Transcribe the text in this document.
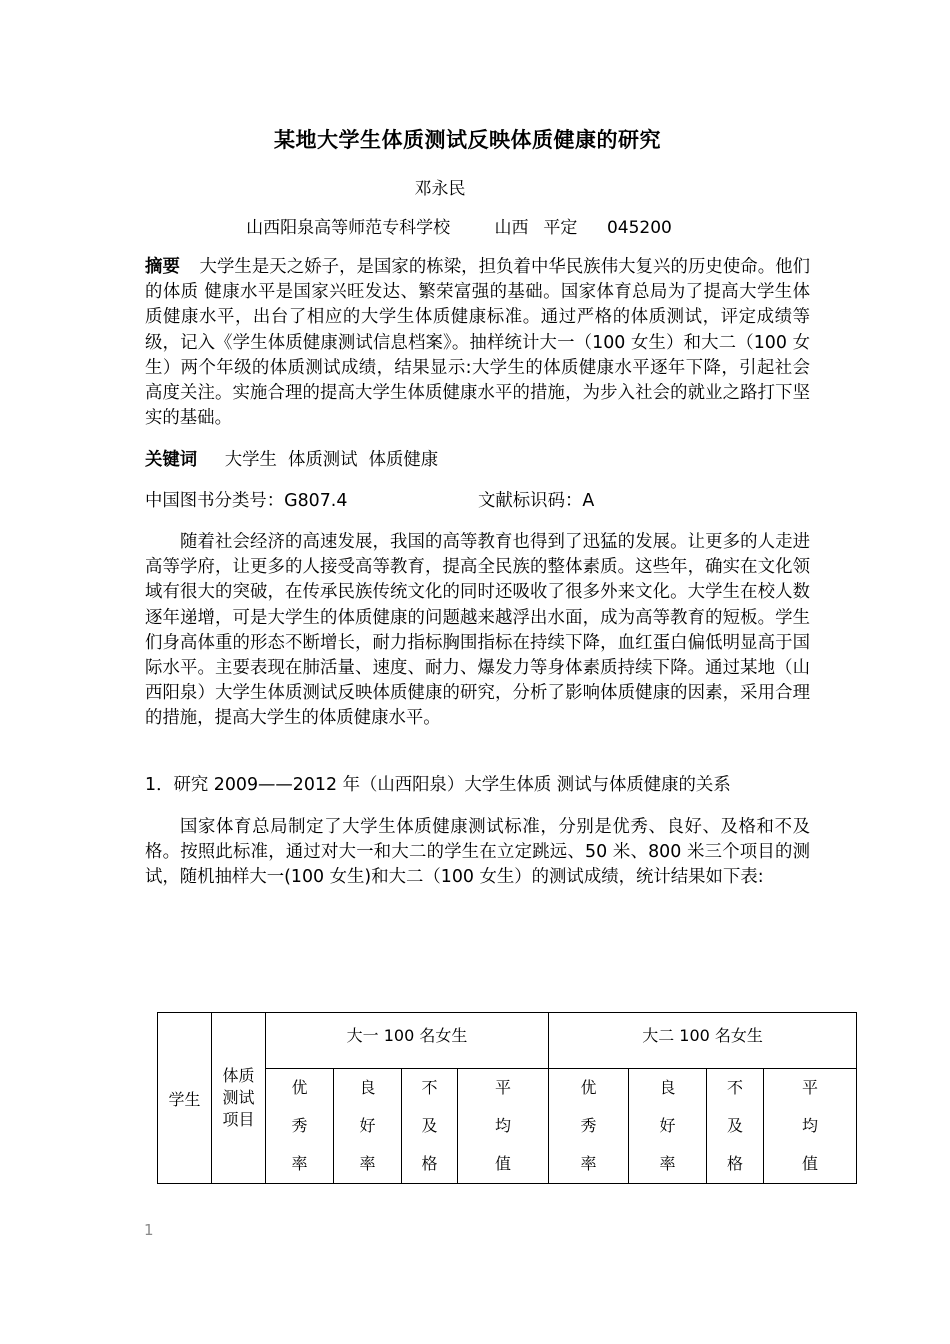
某地大学生体质测试反映体质健康的研究
邓永民
山西阳泉高等师范专科学校      山西  平定    045200
摘要 大学生是天之娇子，是国家的栋梁，担负着中华民族伟大复兴的历史使命。他们的体质 健康水平是国家兴旺发达、繁荣富强的基础。国家体育总局为了提高大学生体质健康水平，出台了相应的大学生体质健康标准。通过严格的体质测试，评定成绩等级，记入《学生体质健康测试信息档案》。抽样统计大一（100 女生）和大二（100 女生）两个年级的体质测试成绩，结果显示:大学生的体质健康水平逐年下降，引起社会高度关注。实施合理的提高大学生体质健康水平的措施，为步入社会的就业之路打下坚实的基础。
关键词 大学生  体质测试  体质健康
中国图书分类号：G807.4	文献标识码：A
随着社会经济的高速发展，我国的高等教育也得到了迅猛的发展。让更多的人走进高等学府，让更多的人接受高等教育，提高全民族的整体素质。这些年，确实在文化领域有很大的突破，在传承民族传统文化的同时还吸收了很多外来文化。大学生在校人数逐年递增，可是大学生的体质健康的问题越来越浮出水面，成为高等教育的短板。学生们身高体重的形态不断增长，耐力指标胸围指标在持续下降，血红蛋白偏低明显高于国际水平。主要表现在肺活量、速度、耐力、爆发力等身体素质持续下降。通过某地（山西阳泉）大学生体质测试反映体质健康的研究，分析了影响体质健康的因素，采用合理的措施，提高大学生的体质健康水平。
1．研究 2009——2012 年（山西阳泉）大学生体质 测试与体质健康的关系
国家体育总局制定了大学生体质健康测试标准，分别是优秀、良好、及格和不及格。按照此标准，通过对大一和大二的学生在立定跳远、50 米、800 米三个项目的测试，随机抽样大一(100 女生)和大二（100 女生）的测试成绩，统计结果如下表:
学生	体质
测试
项目	大一 100 名女生				大二 100 名女生			
		优
秀
率	良
好
率	不
及
格	平
均
值	优
秀
率	良
好
率	不
及
格	平
均
值
1
